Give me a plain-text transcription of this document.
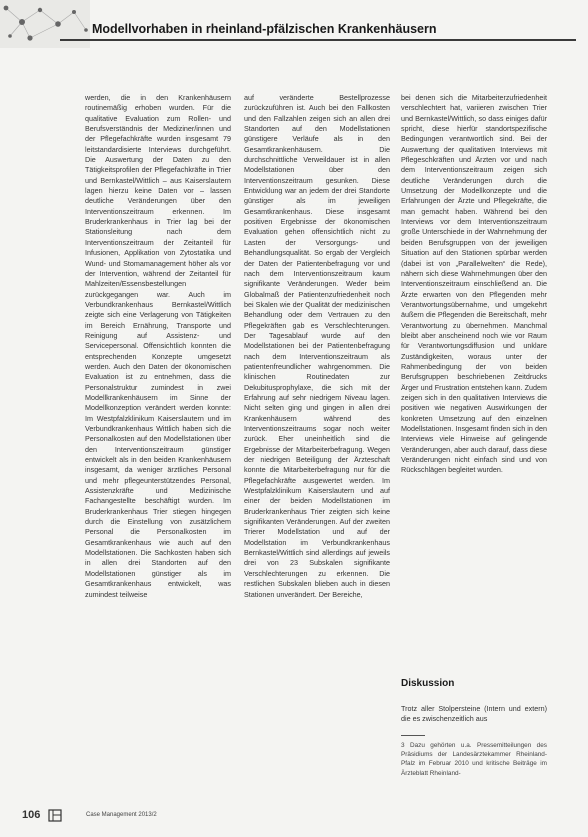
Modellvorhaben in rheinland-pfälzischen Krankenhäusern

werden, die in den Krankenhäusern routinemäßig erhoben wurden. Für die qualitative Evaluation zum Rollen- und Berufsverständnis der Mediziner/innen und der Pflegefachkräfte wurden insgesamt 79 leitstandardisierte Interviews durchgeführt. Die Auswertung der Daten zu den Tätigkeitsprofilen der Pflegefachkräfte in Trier und Bernkastel/Wittlich – aus Kaiserslautern lagen hierzu keine Daten vor – lassen deutliche Veränderungen über den Interventionszeitraum erkennen. Im Bruderkrankenhaus in Trier lag bei der Stationsleitung nach dem Interventionszeitraum der Zeitanteil für Infusionen, Applikation von Zytostatika und Wund- und Stomamanagement höher als vor der Intervention, während der Zeitanteil für Mahlzeiten/Essensbestellungen zurückgegangen war. Auch im Verbundkrankenhaus Bernkastel/Wittlich zeigte sich eine Verlagerung von Tätigkeiten im Bereich Ernährung, Transporte und Reinigung auf Assistenz- und Servicepersonal. Offensichtlich konnten die entsprechenden Konzepte umgesetzt werden. Auch den Daten der ökonomischen Evaluation ist zu entnehmen, dass die Personalstruktur zumindest in zwei Modellkrankenhäusern im Sinne der Modellkonzeption verändert werden konnte: Im Westpfalzklinikum Kaiserslautern und im Verbundkrankenhaus Wittlich haben sich die Personalkosten auf den Modellstationen über den Interventionszeitraum günstiger entwickelt als in den beiden Krankenhäusern insgesamt, da weniger ärztliches Personal und mehr pflegeunterstützendes Personal, Assistenzkräfte und Medizinische Fachangestellte beschäftigt wurden. Im Bruderkrankenhaus Trier stiegen hingegen durch die Einstellung von zusätzlichem Personal die Personalkosten im Gesamtkrankenhaus wie auch auf den Modellstationen. Die Sachkosten haben sich in allen drei Standorten auf den Modellstationen günstiger als im Gesamtkrankenhaus entwickelt, was zumindest teilweise

auf veränderte Bestellprozesse zurückzuführen ist. Auch bei den Fallkosten und den Fallzahlen zeigen sich an allen drei Standorten auf den Modellstationen günstigere Verläufe als in den Gesamtkrankenhäusern. Die durchschnittliche Verweildauer ist in allen Modellstationen über den Interventionszeitraum gesunken. Diese Entwicklung war an jedem der drei Standorte günstiger als im jeweiligen Gesamtkrankenhaus. Diese insgesamt positiven Ergebnisse der ökonomischen Evaluation gehen offensichtlich nicht zu Lasten der Versorgungs- und Behandlungsqualität. So ergab der Vergleich der Daten der Patientenbefragung vor und nach dem Interventionszeitraum kaum signifikante Veränderungen. Weder beim Globalmaß der Patientenzufriedenheit noch bei Skalen wie der Qualität der medizinischen Behandlung oder dem Vertrauen zu den Pflegekräften gab es Verschlechterungen. Der Tagesablauf wurde auf den Modellstationen bei der Patientenbefragung nach dem Interventionszeitraum als patientenfreundlicher wahrgenommen. Die klinischen Routinedaten zur Dekubitusprophylaxe, die sich mit der Erfahrung auf sehr niedrigem Niveau lagen. Nicht selten ging und gingen in allen drei Krankenhäusern während des Interventionszeitraums sogar noch weiter zurück. Eher uneinheitlich sind die Ergebnisse der Mitarbeiterbefragung. Wegen der niedrigen Beteiligung der Ärzteschaft konnte die Mitarbeiterbefragung nur für die Pflegefachkräfte ausgewertet werden. Im Westpfalzklinikum Kaiserslautern und auf einer der beiden Modellstationen im Bruderkrankenhaus Trier zeigten sich keine signifikanten Veränderungen. Auf der zweiten Trierer Modellstation und auf der Modellstation im Verbundkrankenhaus Bernkastel/Wittlich sind allerdings auf jeweils drei von 23 Subskalen signifikante Verschlechterungen zu erkennen. Die restlichen Subskalen blieben auch in diesen Stationen unverändert. Der Bereiche,

bei denen sich die Mitarbeiterzufriedenheit verschlechtert hat, variieren zwischen Trier und Bernkastel/Wittlich, so dass einiges dafür spricht, diese hierfür standortspezifische Bedingungen verantwortlich sind. Bei der Auswertung der qualitativen Interviews mit Pflegeschkräften und Ärzten vor und nach dem Interventionszeitraum zeigen sich deutliche Veränderungen durch die Umsetzung der Modellkonzepte und die Erfahrungen der Ärzte und Pflegekräfte, die man gemacht haben. Während bei den Interviews vor dem Interventionszeitraum große Unterschiede in der Wahrnehmung der beiden Berufsgruppen von der jeweiligen Situation auf den Stationen spürbar werden (dabei ist von „Parallelwelten“ die Rede), nähern sich diese Wahrnehmungen über den Interventionszeitraum einschließend an. Die Ärzte erwarten von den Pflegenden mehr Verantwortungsübernahme, und umgekehrt äußern die Pflegenden die Bereitschaft, mehr Verantwortung zu übernehmen. Manchmal bleibt aber anscheinend noch wie vor Raum für Verantwortungsdiffusion und unklare Zuständigkeiten, woraus unter der Rahmenbedingung der von beiden Berufsgruppen beschriebenen Zeitdrucks Ärger und Frustration entstehen kann. Zudem zeigen sich in den qualitativen Interviews die positiven wie negativen Auswirkungen der konkreten Umsetzung auf den einzelnen Modellstationen. Insgesamt finden sich in den Interviews viele Hinweise auf gelingende Veränderungen, aber auch darauf, dass diese Veränderungen nicht einfach sind und von Rückschlägen begleitet wurden.

Diskussion

Trotz aller Stolpersteine (Intern und extern) die es zwischenzeitlich aus

3 Dazu gehörten u.a. Pressemitteilungen des Präsidiums der Landesärztekammer Rheinland-Pfalz im Februar 2010 und kritische Beiträge im Ärzteblatt Rheinland-
106	Case Management 2013/2
